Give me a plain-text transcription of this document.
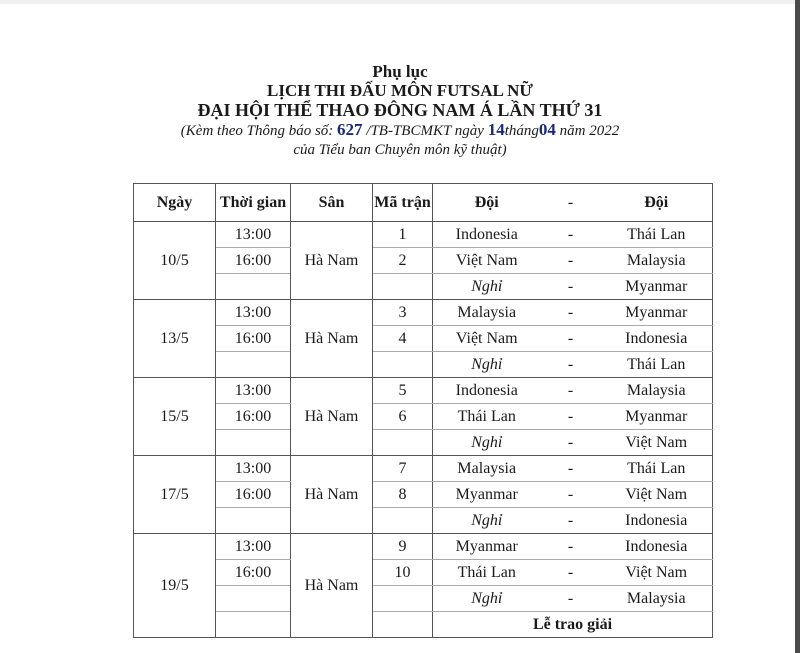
Phụ lục
LỊCH THI ĐẤU MÔN FUTSAL NỮ
ĐẠI HỘI THỂ THAO ĐÔNG NAM Á LẦN THỨ 31
(Kèm theo Thông báo số: 627 /TB-TBCMKT ngày 14tháng04 năm 2022
của Tiểu ban Chuyên môn kỹ thuật)
Ngày	Thời gian	Sân	Mã trận	Đội	-	Đội
10/5	13:00	Hà Nam	1	Indonesia	-	Thái Lan
	16:00		2	Việt Nam	-	Malaysia
				Nghỉ	-	Myanmar
13/5	13:00	Hà Nam	3	Malaysia	-	Myanmar
	16:00		4	Việt Nam	-	Indonesia
				Nghỉ	-	Thái Lan
15/5	13:00	Hà Nam	5	Indonesia	-	Malaysia
	16:00		6	Thái Lan	-	Myanmar
				Nghỉ	-	Việt Nam
17/5	13:00	Hà Nam	7	Malaysia	-	Thái Lan
	16:00		8	Myanmar	-	Việt Nam
				Nghỉ	-	Indonesia
19/5	13:00	Hà Nam	9	Myanmar	-	Indonesia
	16:00		10	Thái Lan	-	Việt Nam
				Nghỉ	-	Malaysia
				Lễ trao giải		
